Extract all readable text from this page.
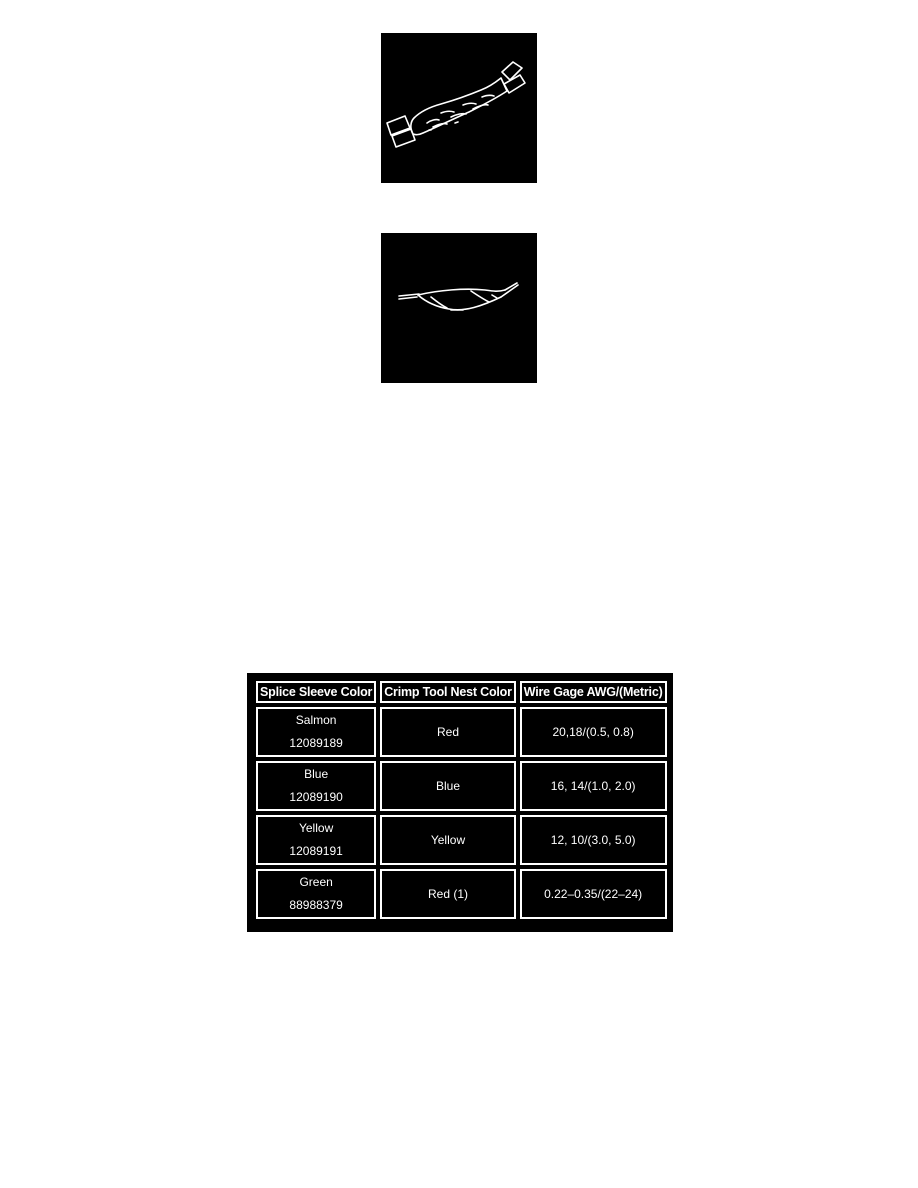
Splice Sleeve Color	Crimp Tool Nest Color	Wire Gage AWG/(Metric)

Salmon
12089189	Red	20,18/(0.5, 0.8)

Blue
12089190	Blue	16, 14/(1.0, 2.0)

Yellow
12089191	Yellow	12, 10/(3.0, 5.0)

Green
88988379	Red (1)	0.22–0.35/(22–24)
